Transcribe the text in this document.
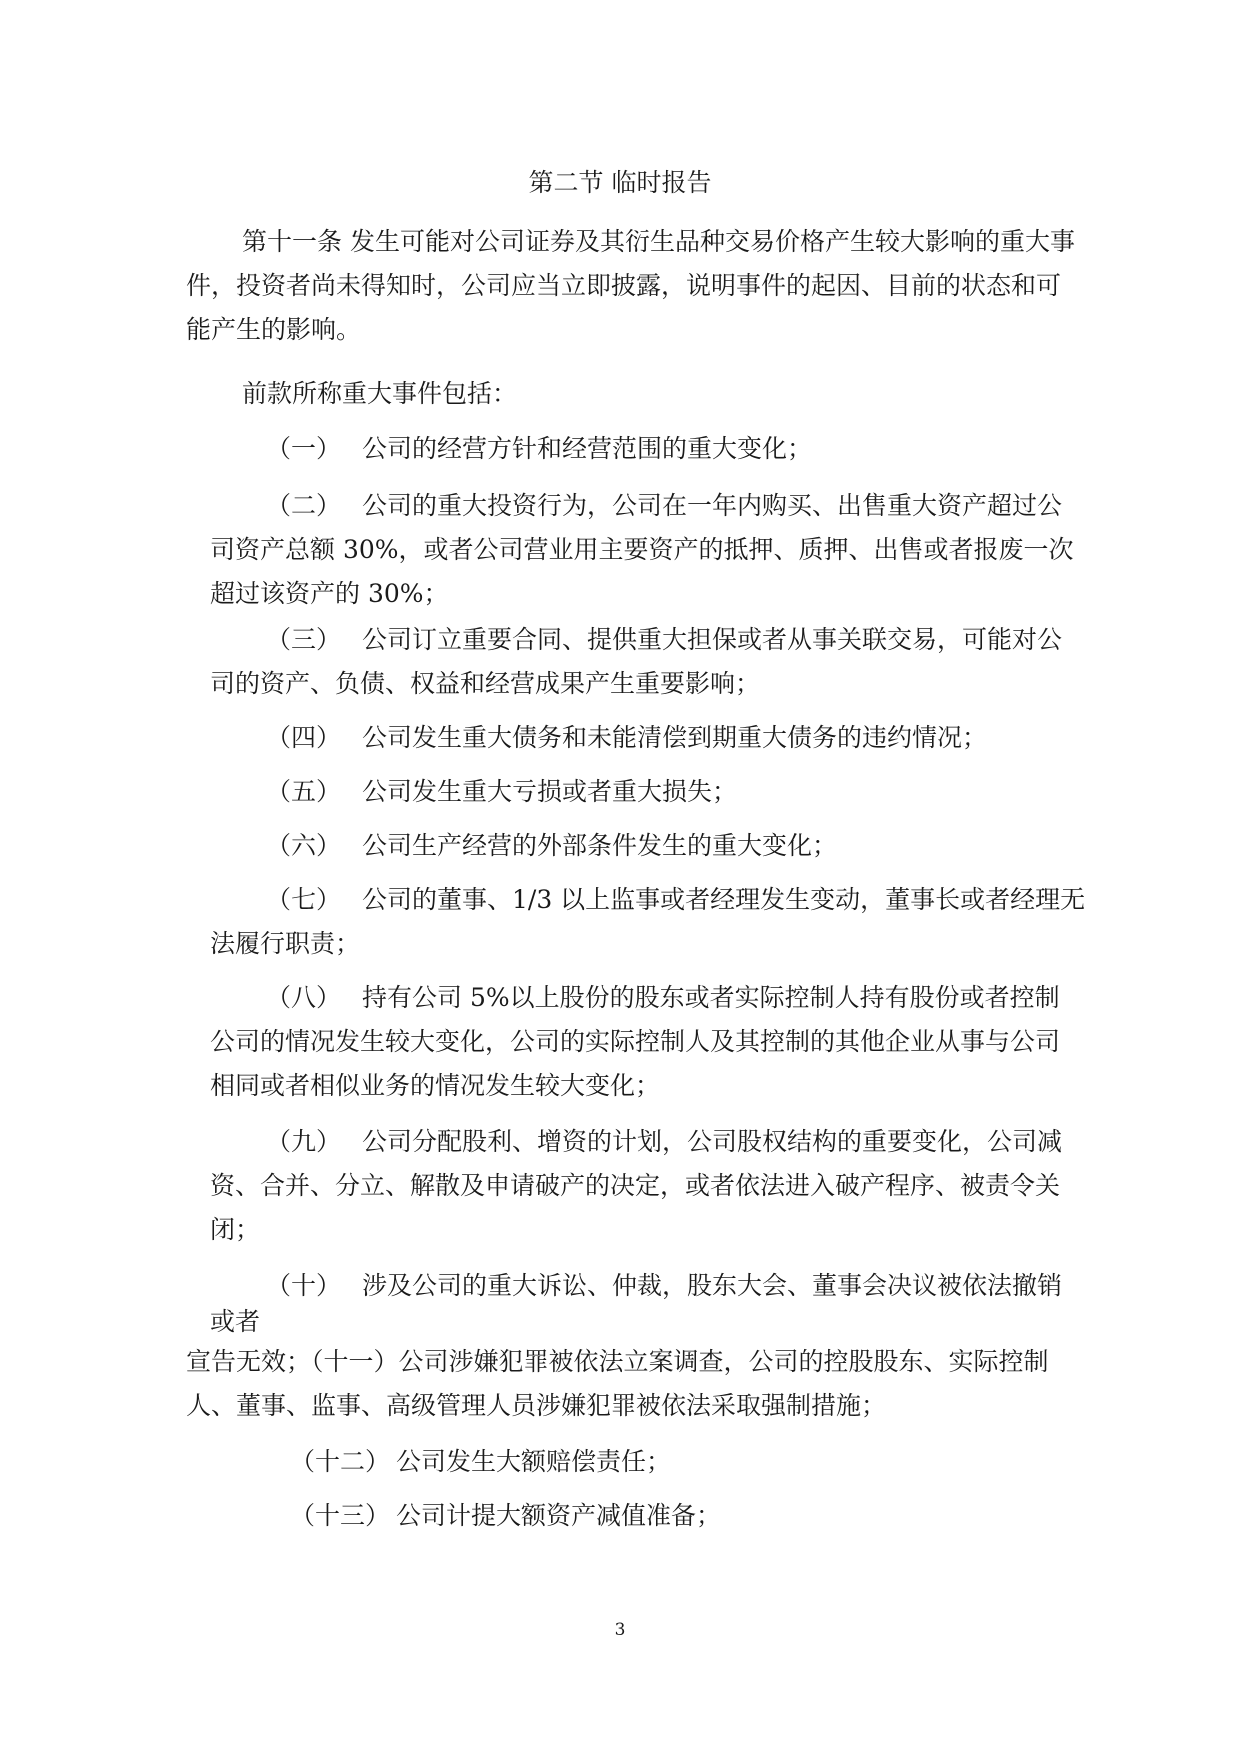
第二节 临时报告
第十一条 发生可能对公司证券及其衍生品种交易价格产生较大影响的重大事
件，投资者尚未得知时，公司应当立即披露，说明事件的起因、目前的状态和可
能产生的影响。
前款所称重大事件包括：
（一） 公司的经营方针和经营范围的重大变化；
（二） 公司的重大投资行为，公司在一年内购买、出售重大资产超过公
司资产总额 30%，或者公司营业用主要资产的抵押、质押、出售或者报废一次
超过该资产的 30%；
（三） 公司订立重要合同、提供重大担保或者从事关联交易，可能对公
司的资产、负债、权益和经营成果产生重要影响；
（四） 公司发生重大债务和未能清偿到期重大债务的违约情况；
（五） 公司发生重大亏损或者重大损失；
（六） 公司生产经营的外部条件发生的重大变化；
（七） 公司的董事、1/3 以上监事或者经理发生变动，董事长或者经理无
法履行职责；
（八） 持有公司 5%以上股份的股东或者实际控制人持有股份或者控制
公司的情况发生较大变化，公司的实际控制人及其控制的其他企业从事与公司
相同或者相似业务的情况发生较大变化；
（九） 公司分配股利、增资的计划，公司股权结构的重要变化，公司减
资、合并、分立、解散及申请破产的决定，或者依法进入破产程序、被责令关
闭；
（十） 涉及公司的重大诉讼、仲裁，股东大会、董事会决议被依法撤销
或者
宣告无效；（十一）公司涉嫌犯罪被依法立案调查，公司的控股股东、实际控制
人、董事、监事、高级管理人员涉嫌犯罪被依法采取强制措施；
（十二） 公司发生大额赔偿责任；
（十三） 公司计提大额资产减值准备；
3
